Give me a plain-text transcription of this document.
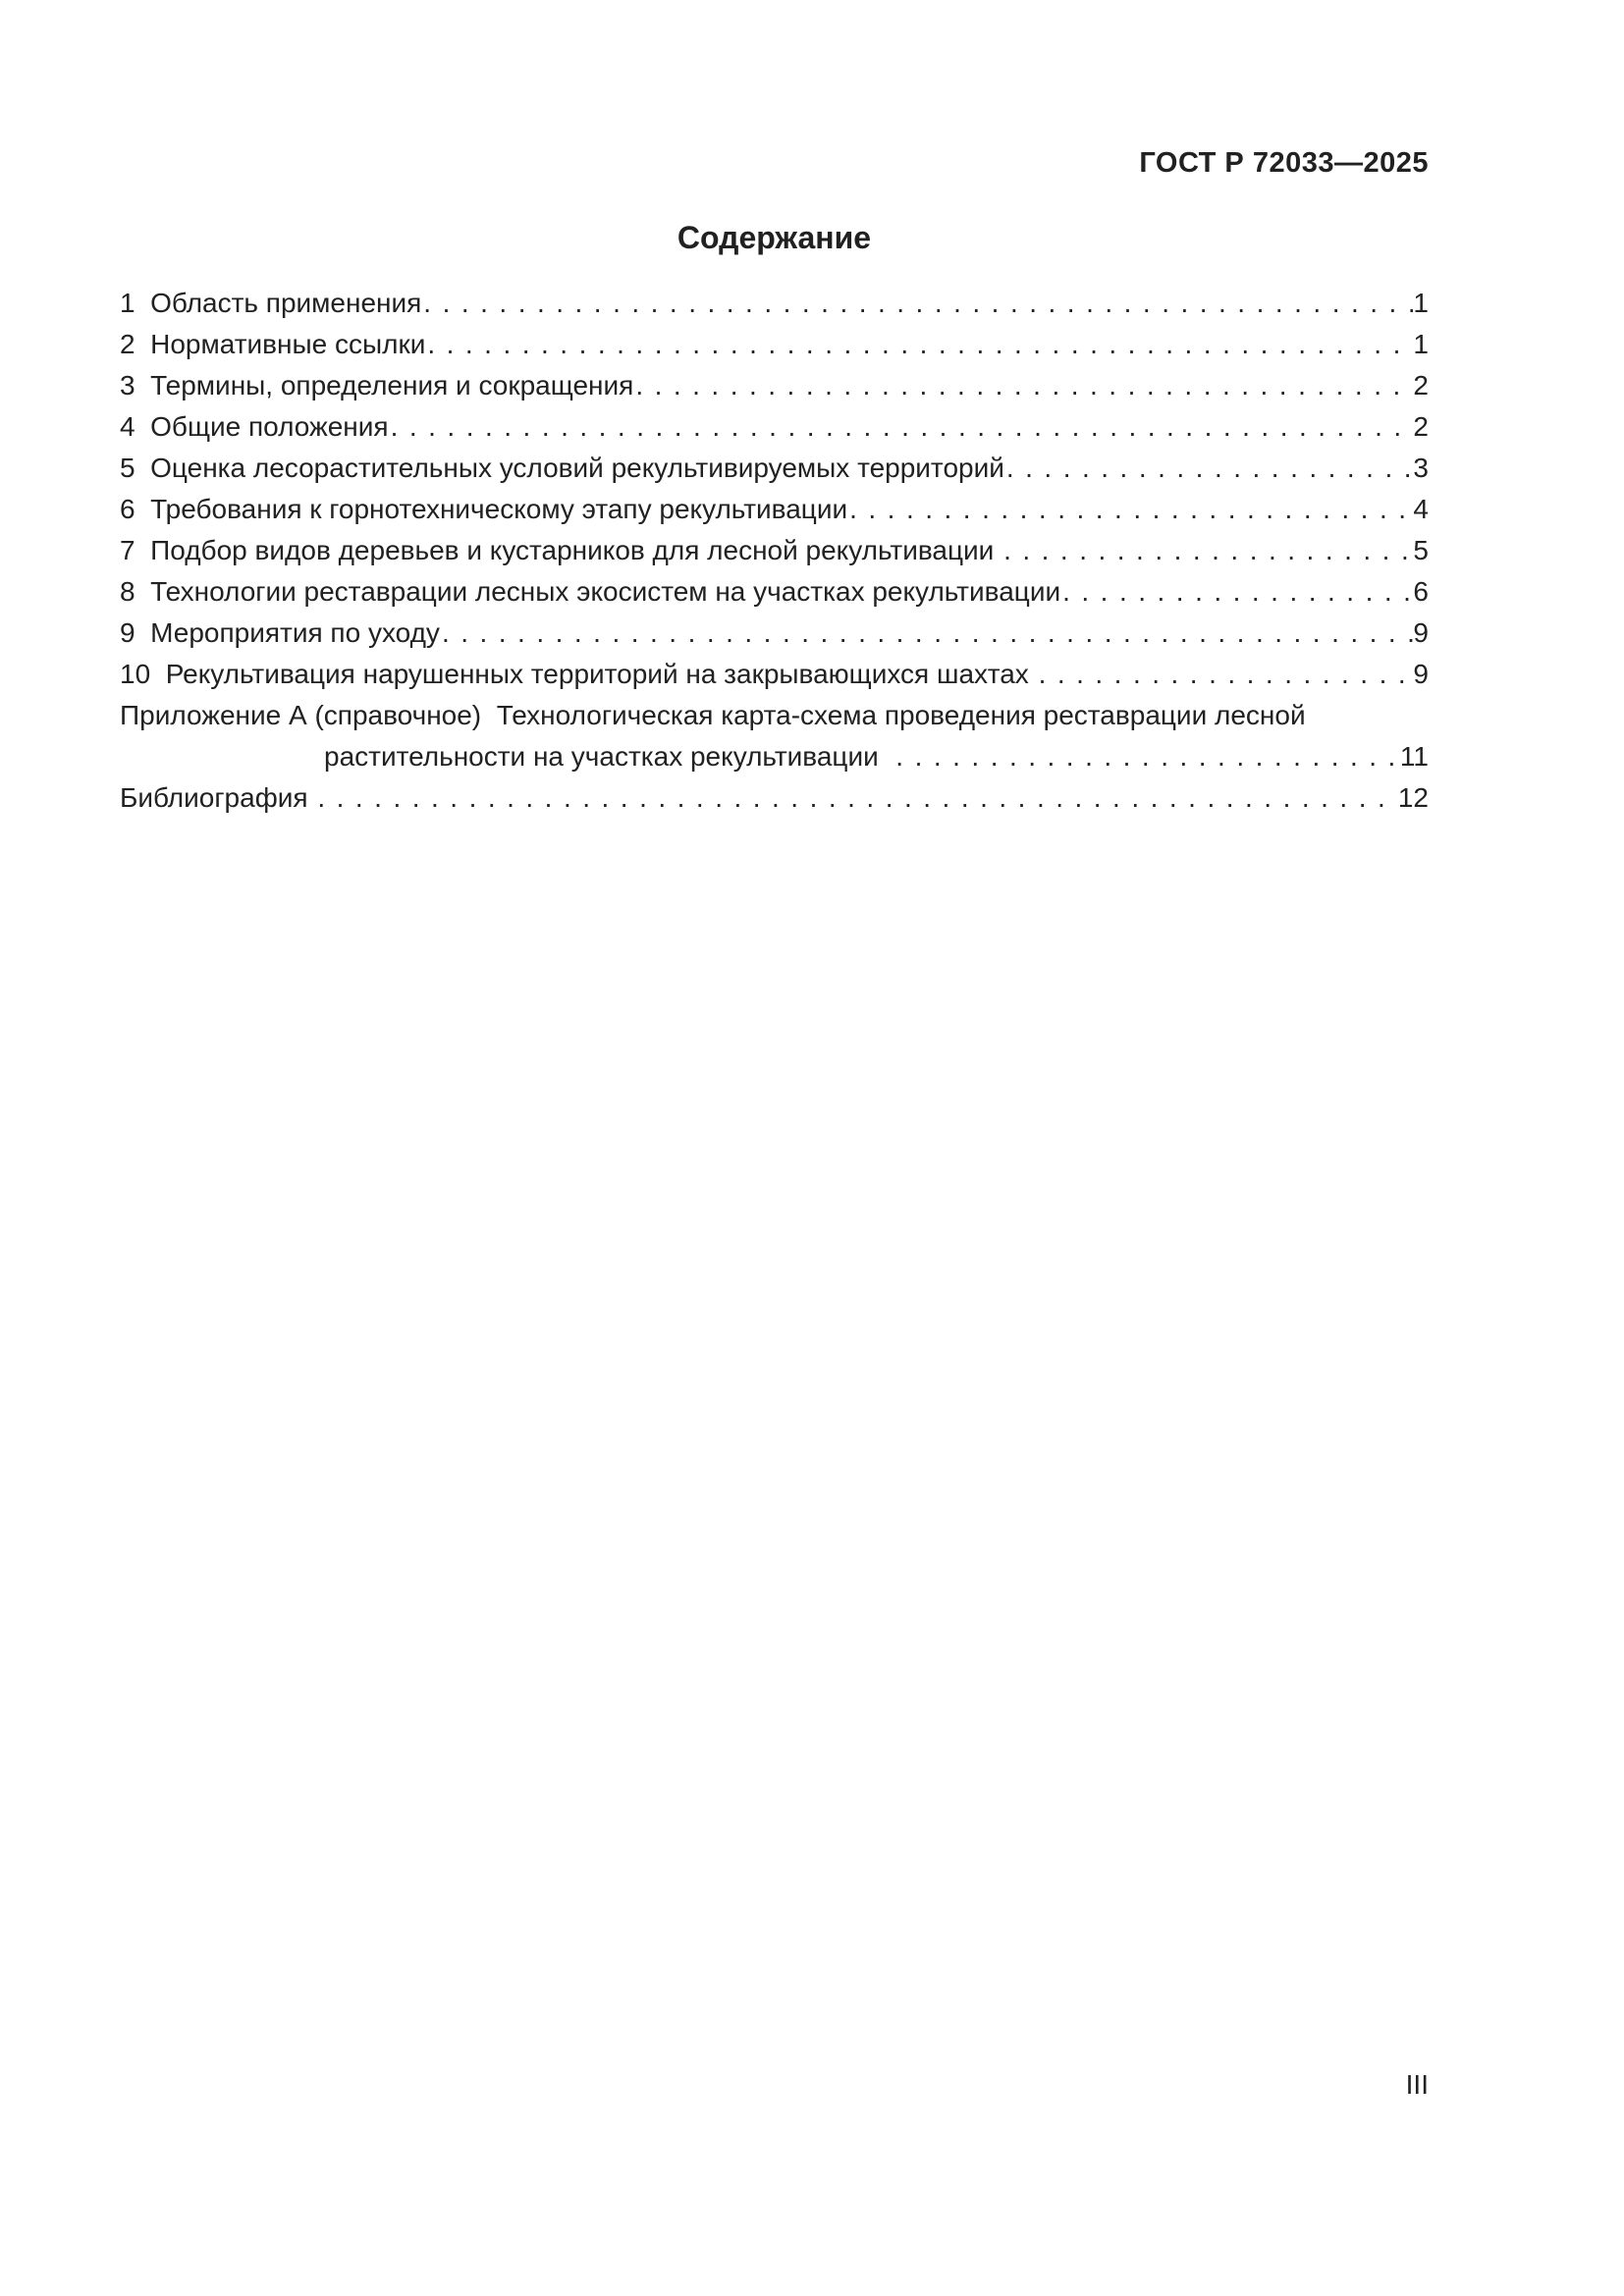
ГОСТ Р 72033—2025
Содержание
1  Область применения .....	1
2  Нормативные ссылки .....	1
3  Термины, определения и сокращения .....	2
4  Общие положения .....	2
5  Оценка лесорастительных условий рекультивируемых территорий .....	3
6  Требования к горнотехническому этапу рекультивации .....	4
7  Подбор видов деревьев и кустарников для лесной рекультивации .....	5
8  Технологии реставрации лесных экосистем на участках рекультивации .....	6
9  Мероприятия по уходу .....	9
10  Рекультивация нарушенных территорий на закрывающихся шахтах .....	9
Приложение А (справочное)  Технологическая карта-схема проведения реставрации лесной
растительности на участках рекультивации .....	11
Библиография .....	12
III
